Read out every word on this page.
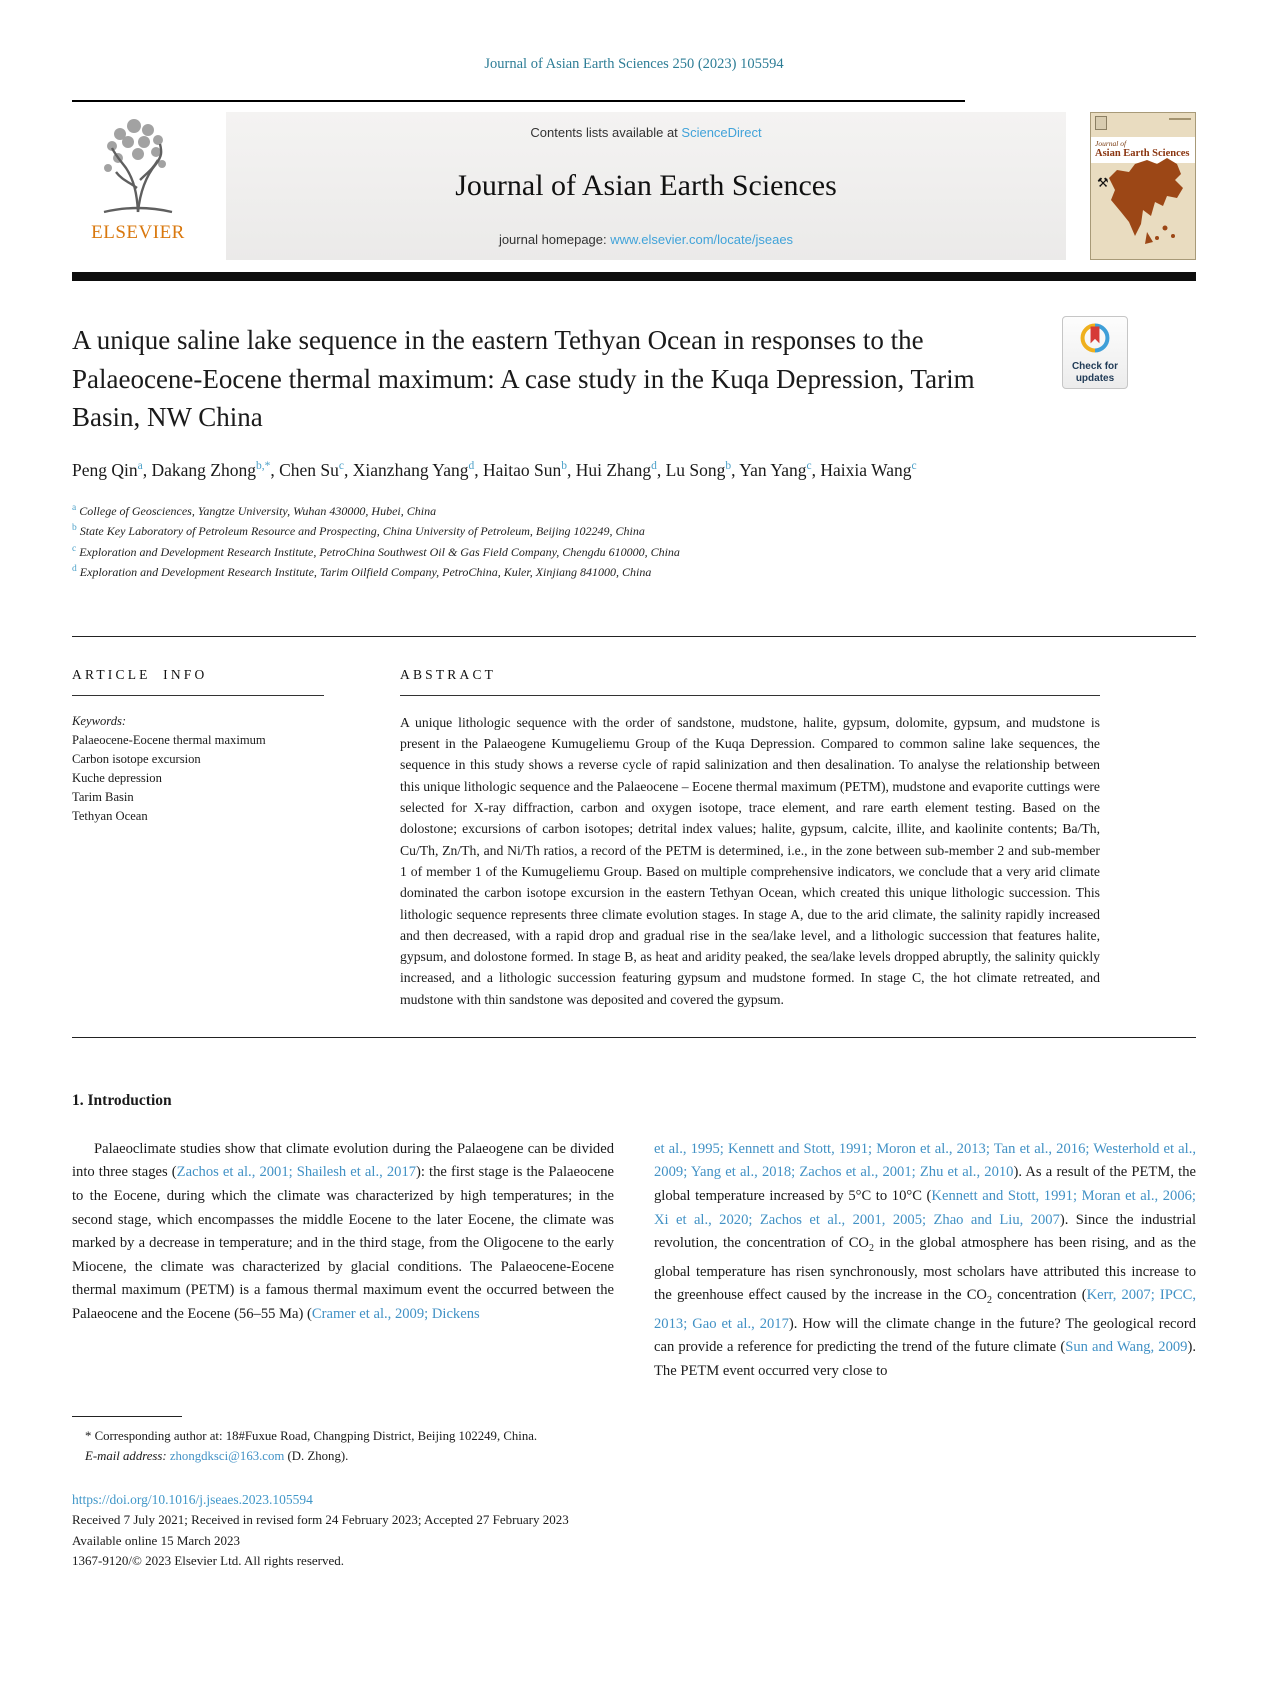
Journal of Asian Earth Sciences 250 (2023) 105594
ELSEVIER
Contents lists available at ScienceDirect
Journal of Asian Earth Sciences
journal homepage: www.elsevier.com/locate/jseaes
Journal of
Asian Earth Sciences
⚒
Check for
updates
A unique saline lake sequence in the eastern Tethyan Ocean in responses to the Palaeocene-Eocene thermal maximum: A case study in the Kuqa Depression, Tarim Basin, NW China
Peng Qin$^a$, Dakang Zhong$^{b,*}$, Chen Su$^c$, Xianzhang Yang$^d$, Haitao Sun$^b$, Hui Zhang$^d$, Lu Song$^b$, Yan Yang$^c$, Haixia Wang$^c$
$^a$ College of Geosciences, Yangtze University, Wuhan 430000, Hubei, China
$^b$ State Key Laboratory of Petroleum Resource and Prospecting, China University of Petroleum, Beijing 102249, China
$^c$ Exploration and Development Research Institute, PetroChina Southwest Oil & Gas Field Company, Chengdu 610000, China
$^d$ Exploration and Development Research Institute, Tarim Oilfield Company, PetroChina, Kuler, Xinjiang 841000, China
ARTICLE INFO
Keywords:
Palaeocene-Eocene thermal maximum
Carbon isotope excursion
Kuche depression
Tarim Basin
Tethyan Ocean
ABSTRACT

A unique lithologic sequence with the order of sandstone, mudstone, halite, gypsum, dolomite, gypsum, and mudstone is present in the Palaeogene Kumugeliemu Group of the Kuqa Depression. Compared to common saline lake sequences, the sequence in this study shows a reverse cycle of rapid salinization and then desalination. To analyse the relationship between this unique lithologic sequence and the Palaeocene – Eocene thermal maximum (PETM), mudstone and evaporite cuttings were selected for X-ray diffraction, carbon and oxygen isotope, trace element, and rare earth element testing. Based on the dolostone; excursions of carbon isotopes; detrital index values; halite, gypsum, calcite, illite, and kaolinite contents; Ba/Th, Cu/Th, Zn/Th, and Ni/Th ratios, a record of the PETM is determined, i.e., in the zone between sub-member 2 and sub-member 1 of member 1 of the Kumugeliemu Group. Based on multiple comprehensive indicators, we conclude that a very arid climate dominated the carbon isotope excursion in the eastern Tethyan Ocean, which created this unique lithologic succession. This lithologic sequence represents three climate evolution stages. In stage A, due to the arid climate, the salinity rapidly increased and then decreased, with a rapid drop and gradual rise in the sea/lake level, and a lithologic succession that features halite, gypsum, and dolostone formed. In stage B, as heat and aridity peaked, the sea/lake levels dropped abruptly, the salinity quickly increased, and a lithologic succession featuring gypsum and mudstone formed. In stage C, the hot climate retreated, and mudstone with thin sandstone was deposited and covered the gypsum.

1. Introduction

Palaeoclimate studies show that climate evolution during the Palaeogene can be divided into three stages (Zachos et al., 2001; Shailesh et al., 2017): the first stage is the Palaeocene to the Eocene, during which the climate was characterized by high temperatures; in the second stage, which encompasses the middle Eocene to the later Eocene, the climate was marked by a decrease in temperature; and in the third stage, from the Oligocene to the early Miocene, the climate was characterized by glacial conditions. The Palaeocene-Eocene thermal maximum (PETM) is a famous thermal maximum event the occurred between the Palaeocene and the Eocene (56–55 Ma) (Cramer et al., 2009; Dickens

et al., 1995; Kennett and Stott, 1991; Moron et al., 2013; Tan et al., 2016; Westerhold et al., 2009; Yang et al., 2018; Zachos et al., 2001; Zhu et al., 2010). As a result of the PETM, the global temperature increased by 5°C to 10°C (Kennett and Stott, 1991; Moran et al., 2006; Xi et al., 2020; Zachos et al., 2001, 2005; Zhao and Liu, 2007). Since the industrial revolution, the concentration of $CO_2$ in the global atmosphere has been rising, and as the global temperature has risen synchronously, most scholars have attributed this increase to the greenhouse effect caused by the increase in the $CO_2$ concentration (Kerr, 2007; IPCC, 2013; Gao et al., 2017). How will the climate change in the future? The geological record can provide a reference for predicting the trend of the future climate (Sun and Wang, 2009). The PETM event occurred very close to

* Corresponding author at: 18#Fuxue Road, Changping District, Beijing 102249, China.
E-mail address: zhongdksci@163.com (D. Zhong).
https://doi.org/10.1016/j.jseaes.2023.105594
Received 7 July 2021; Received in revised form 24 February 2023; Accepted 27 February 2023
Available online 15 March 2023
1367-9120/© 2023 Elsevier Ltd. All rights reserved.
